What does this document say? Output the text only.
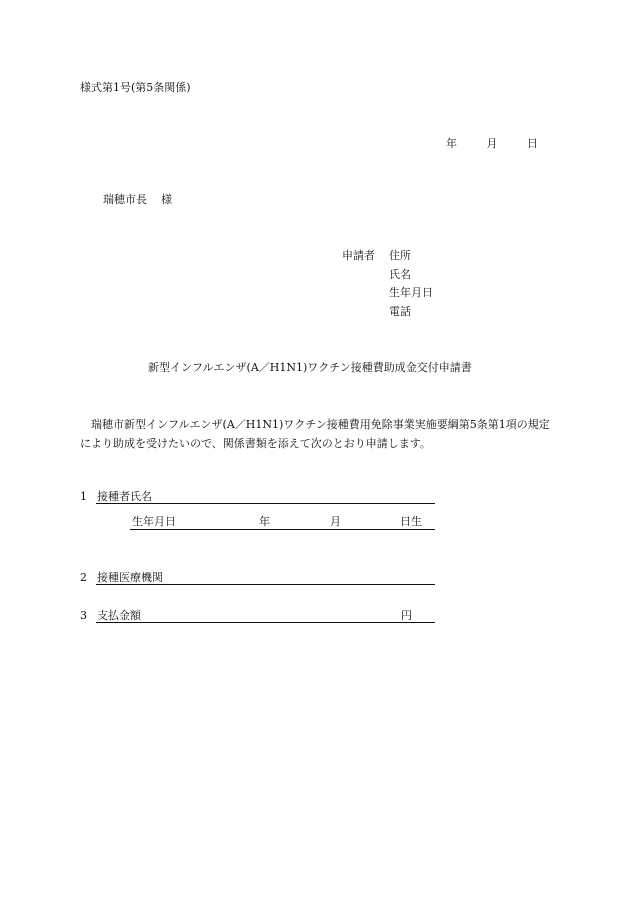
様式第1号(第5条関係)
年	月	日
瑞穂市長 様
申請者 住所
氏名
生年月日
電話
新型インフルエンザ(A／H1N1)ワクチン接種費助成金交付申請書
瑞穂市新型インフルエンザ(A／H1N1)ワクチン接種費用免除事業実施要綱第5条第1項の規定により助成を受けたいので、関係書類を添えて次のとおり申請します。
1 接種者氏名
生年月日	年	月	日生
2 接種医療機関
3 支払金額	円
